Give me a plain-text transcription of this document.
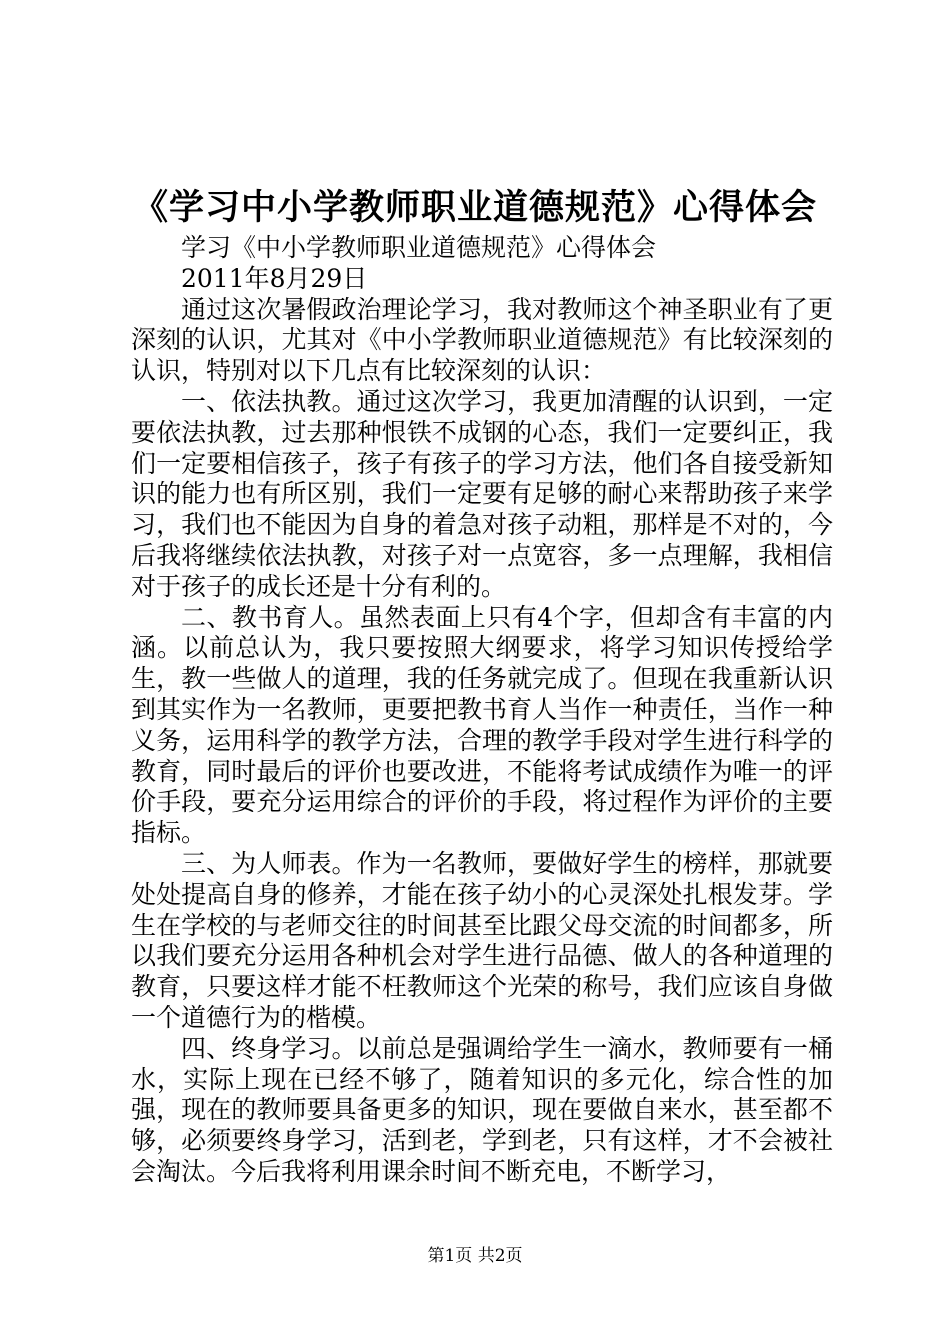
《学习中小学教师职业道德规范》心得体会

学习《中小学教师职业道德规范》心得体会

2011年8月29日

通过这次暑假政治理论学习，我对教师这个神圣职业有了更深刻的认识，尤其对《中小学教师职业道德规范》有比较深刻的认识，特别对以下几点有比较深刻的认识：

一、依法执教。通过这次学习，我更加清醒的认识到，一定要依法执教，过去那种恨铁不成钢的心态，我们一定要纠正，我们一定要相信孩子，孩子有孩子的学习方法，他们各自接受新知识的能力也有所区别，我们一定要有足够的耐心来帮助孩子来学习，我们也不能因为自身的着急对孩子动粗，那样是不对的，今后我将继续依法执教，对孩子对一点宽容，多一点理解，我相信对于孩子的成长还是十分有利的。

二、教书育人。虽然表面上只有4个字，但却含有丰富的内涵。以前总认为，我只要按照大纲要求，将学习知识传授给学生，教一些做人的道理，我的任务就完成了。但现在我重新认识到其实作为一名教师，更要把教书育人当作一种责任，当作一种义务，运用科学的教学方法，合理的教学手段对学生进行科学的教育，同时最后的评价也要改进，不能将考试成绩作为唯一的评价手段，要充分运用综合的评价的手段，将过程作为评价的主要指标。

三、为人师表。作为一名教师，要做好学生的榜样，那就要处处提高自身的修养，才能在孩子幼小的心灵深处扎根发芽。学生在学校的与老师交往的时间甚至比跟父母交流的时间都多，所以我们要充分运用各种机会对学生进行品德、做人的各种道理的教育，只要这样才能不枉教师这个光荣的称号，我们应该自身做一个道德行为的楷模。

四、终身学习。以前总是强调给学生一滴水，教师要有一桶水，实际上现在已经不够了，随着知识的多元化，综合性的加强，现在的教师要具备更多的知识，现在要做自来水，甚至都不够，必须要终身学习，活到老，学到老，只有这样，才不会被社会淘汰。今后我将利用课余时间不断充电，不断学习，

第1页 共2页
